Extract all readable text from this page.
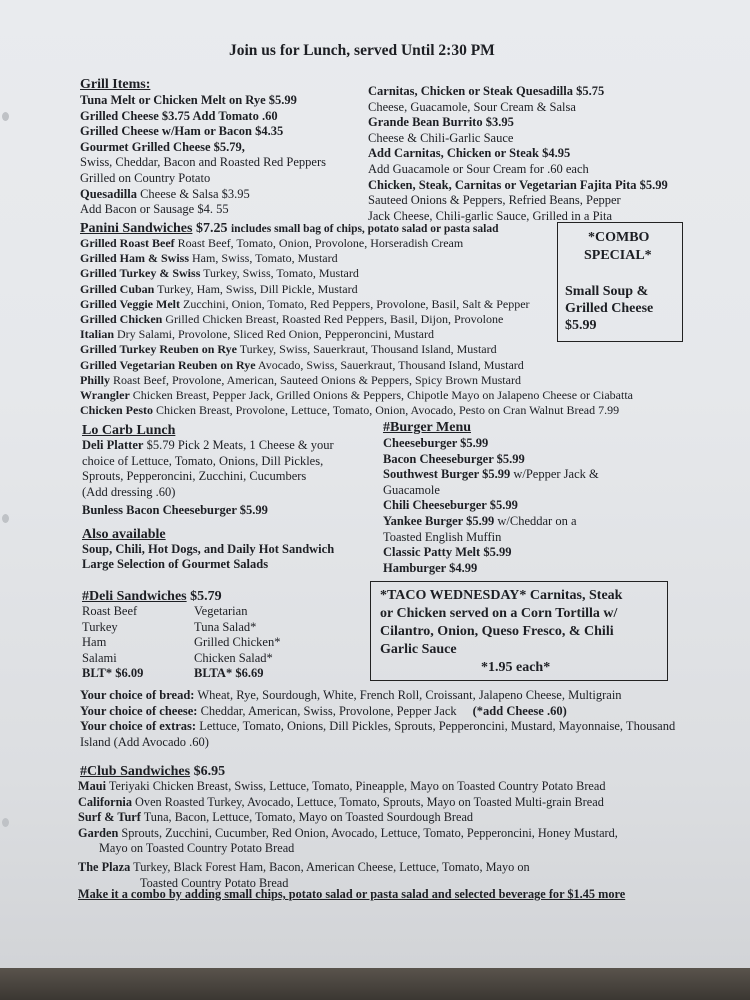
Join us for Lunch, served Until 2:30 PM
Grill Items:
Tuna Melt or Chicken Melt on Rye $5.99
Grilled Cheese $3.75 Add Tomato .60
Grilled Cheese w/Ham or Bacon $4.35
Gourmet Grilled Cheese $5.79,
Swiss, Cheddar, Bacon and Roasted Red Peppers
Grilled on Country Potato
Quesadilla Cheese & Salsa $3.95
Add Bacon or Sausage $4. 55
Carnitas, Chicken or Steak Quesadilla $5.75
Cheese, Guacamole, Sour Cream & Salsa
Grande Bean Burrito $3.95
Cheese & Chili-Garlic Sauce
Add Carnitas, Chicken or Steak $4.95
Add Guacamole or Sour Cream for .60 each
Chicken, Steak, Carnitas or Vegetarian Fajita Pita $5.99
Sauteed Onions & Peppers, Refried Beans, Pepper
Jack Cheese, Chili-garlic Sauce, Grilled in a Pita
Panini Sandwiches $7.25 includes small bag of chips, potato salad or pasta salad
Grilled Roast Beef Roast Beef, Tomato, Onion, Provolone, Horseradish Cream
Grilled Ham & Swiss Ham, Swiss, Tomato, Mustard
Grilled Turkey & Swiss Turkey, Swiss, Tomato, Mustard
Grilled Cuban Turkey, Ham, Swiss, Dill Pickle, Mustard
Grilled Veggie Melt Zucchini, Onion, Tomato, Red Peppers, Provolone, Basil, Salt & Pepper
Grilled Chicken Grilled Chicken Breast, Roasted Red Peppers, Basil, Dijon, Provolone
Italian Dry Salami, Provolone, Sliced Red Onion, Pepperoncini, Mustard
Grilled Turkey Reuben on Rye Turkey, Swiss, Sauerkraut, Thousand Island, Mustard
Grilled Vegetarian Reuben on Rye Avocado, Swiss, Sauerkraut, Thousand Island, Mustard
Philly Roast Beef, Provolone, American, Sauteed Onions & Peppers, Spicy Brown Mustard
Wrangler Chicken Breast, Pepper Jack, Grilled Onions & Peppers, Chipotle Mayo on Jalapeno Cheese or Ciabatta
Chicken Pesto Chicken Breast, Provolone, Lettuce, Tomato, Onion, Avocado, Pesto on Cran Walnut Bread 7.99
*COMBO
SPECIAL*
Small Soup &
Grilled Cheese
$5.99
Lo Carb Lunch
Deli Platter $5.79 Pick 2 Meats, 1 Cheese & your
choice of Lettuce, Tomato, Onions, Dill Pickles,
Sprouts, Pepperoncini, Zucchini, Cucumbers
(Add dressing .60)
Bunless Bacon Cheeseburger $5.99
Also available
Soup, Chili, Hot Dogs, and Daily Hot Sandwich
Large Selection of Gourmet Salads
#Burger Menu
Cheeseburger $5.99
Bacon Cheeseburger $5.99
Southwest Burger $5.99 w/Pepper Jack &
Guacamole
Chili Cheeseburger $5.99
Yankee Burger $5.99 w/Cheddar on a
Toasted English Muffin
Classic Patty Melt $5.99
Hamburger $4.99
#Deli Sandwiches $5.79
Roast Beef
Turkey
Ham
Salami
BLT* $6.09
Vegetarian
Tuna Salad*
Grilled Chicken*
Chicken Salad*
BLTA* $6.69
*TACO WEDNESDAY* Carnitas, Steak
or Chicken served on a Corn Tortilla w/
Cilantro, Onion, Queso Fresco, & Chili
Garlic Sauce
*1.95 each*
Your choice of bread: Wheat, Rye, Sourdough, White, French Roll, Croissant, Jalapeno Cheese, Multigrain
Your choice of cheese: Cheddar, American, Swiss, Provolone, Pepper Jack (*add Cheese .60)
Your choice of extras: Lettuce, Tomato, Onions, Dill Pickles, Sprouts, Pepperoncini, Mustard, Mayonnaise, Thousand
Island (Add Avocado .60)
#Club Sandwiches $6.95
Maui Teriyaki Chicken Breast, Swiss, Lettuce, Tomato, Pineapple, Mayo on Toasted Country Potato Bread
California Oven Roasted Turkey, Avocado, Lettuce, Tomato, Sprouts, Mayo on Toasted Multi-grain Bread
Surf & Turf Tuna, Bacon, Lettuce, Tomato, Mayo on Toasted Sourdough Bread
Garden Sprouts, Zucchini, Cucumber, Red Onion, Avocado, Lettuce, Tomato, Pepperoncini, Honey Mustard,
Mayo on Toasted Country Potato Bread
The Plaza Turkey, Black Forest Ham, Bacon, American Cheese, Lettuce, Tomato, Mayo on
Toasted Country Potato Bread
Make it a combo by adding small chips, potato salad or pasta salad and selected beverage for $1.45 more
